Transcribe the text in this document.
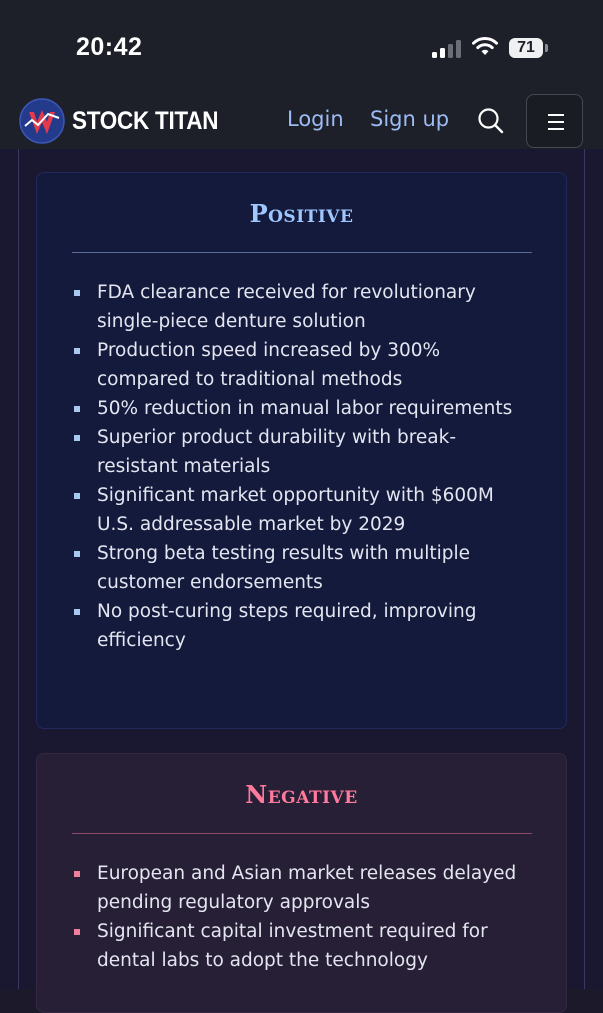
20:42	71
STOCK TITAN	Login Sign up
Positive
FDA clearance received for revolutionary single-piece denture solution
Production speed increased by 300% compared to traditional methods
50% reduction in manual labor requirements
Superior product durability with break-resistant materials
Significant market opportunity with $600M U.S. addressable market by 2029
Strong beta testing results with multiple customer endorsements
No post-curing steps required, improving efficiency
Negative
European and Asian market releases delayed pending regulatory approvals
Significant capital investment required for dental labs to adopt the technology
